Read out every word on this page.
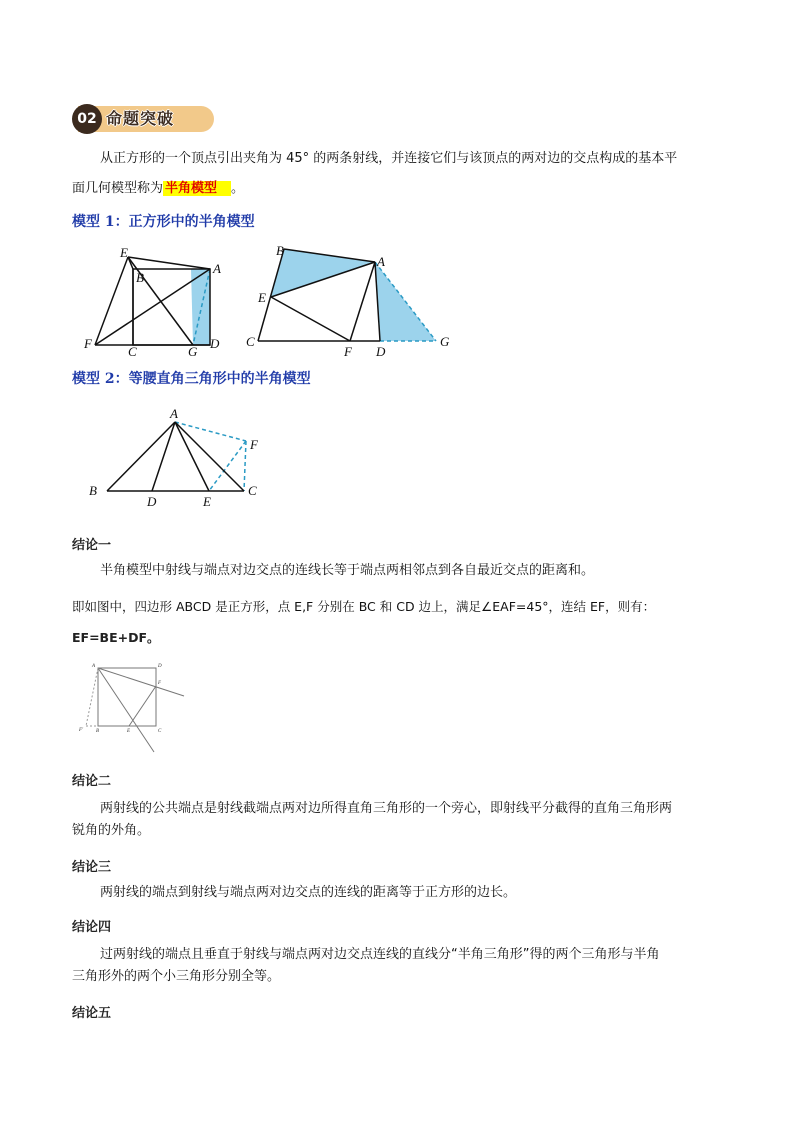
02 命题突破
从正方形的一个顶点引出夹角为 45° 的两条射线，并连接它们与该顶点的两对边的交点构成的基本平
面几何模型称为 半角模型 。
模型 1：正方形中的半角模型
E
B
A
F
C	G
D
B
A
E
C
F D
G
模型 2：等腰直角三角形中的半角模型
A
F
B
D	E
C
结论一
半角模型中射线与端点对边交点的连线长等于端点两相邻点到各自最近交点的距离和。
即如图中，四边形 ABCD 是正方形，点 E,F 分别在 BC 和 CD 边上，满足∠EAF=45°，连结 EF，则有：
EF=BE+DF。
A	D
F
F'	B	E	C
结论二
两射线的公共端点是射线截端点两对边所得直角三角形的一个旁心，即射线平分截得的直角三角形两
锐角的外角。
结论三
两射线的端点到射线与端点两对边交点的连线的距离等于正方形的边长。
结论四
过两射线的端点且垂直于射线与端点两对边交点连线的直线分“半角三角形”得的两个三角形与半角
三角形外的两个小三角形分别全等。
结论五
